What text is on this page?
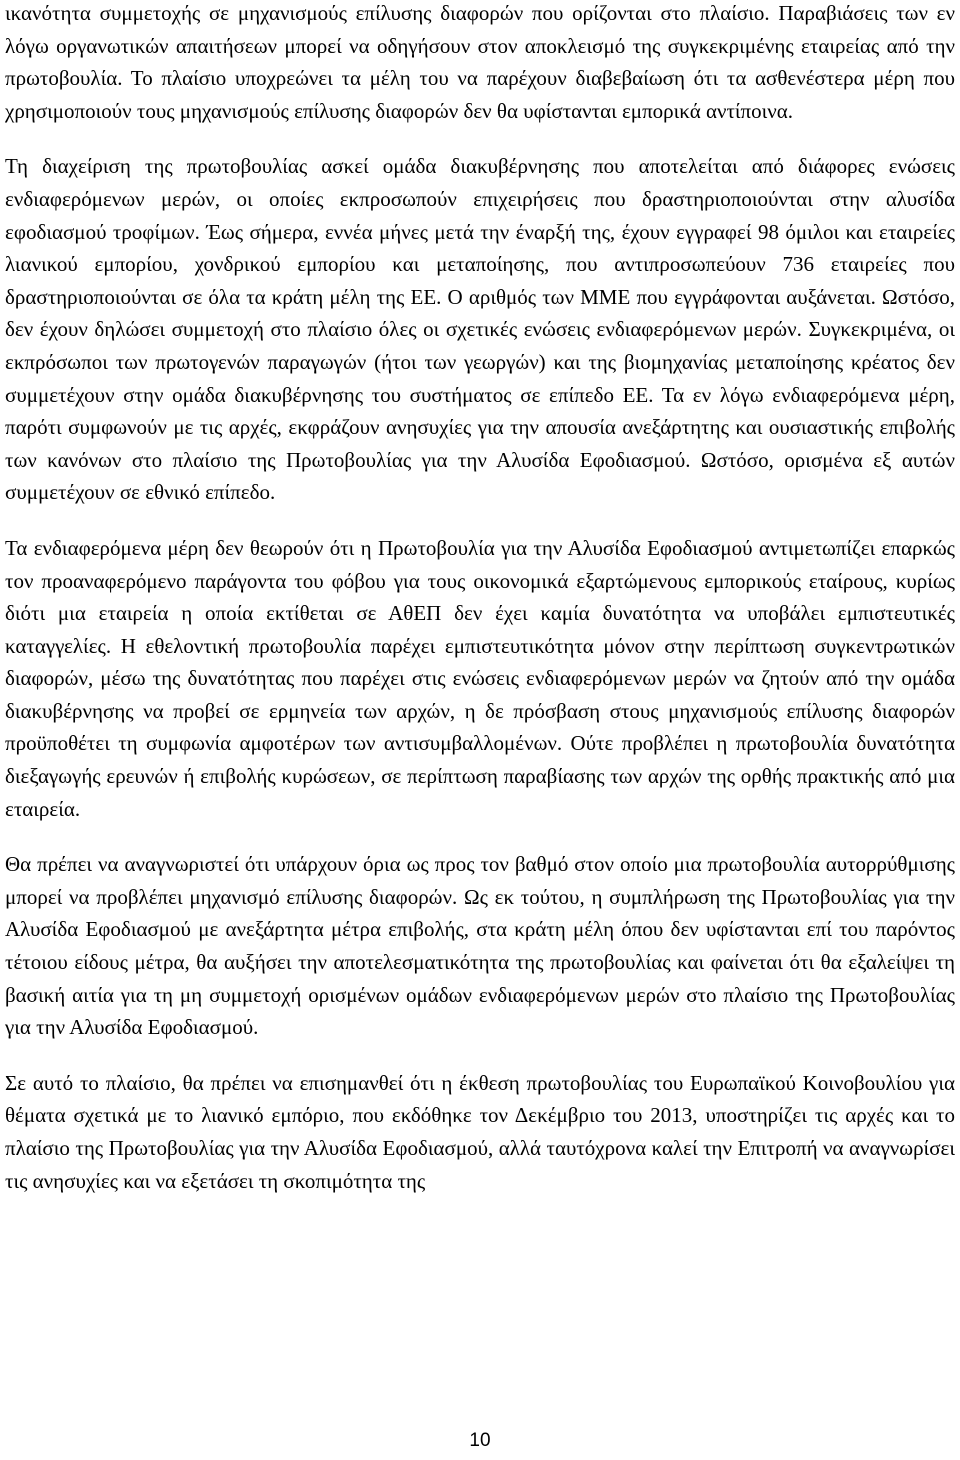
ικανότητα συμμετοχής σε μηχανισμούς επίλυσης διαφορών που ορίζονται στο πλαίσιο. Παραβιάσεις των εν λόγω οργανωτικών απαιτήσεων μπορεί να οδηγήσουν στον αποκλεισμό της συγκεκριμένης εταιρείας από την πρωτοβουλία. Το πλαίσιο υποχρεώνει τα μέλη του να παρέχουν διαβεβαίωση ότι τα ασθενέστερα μέρη που χρησιμοποιούν τους μηχανισμούς επίλυσης διαφορών δεν θα υφίστανται εμπορικά αντίποινα.

Τη διαχείριση της πρωτοβουλίας ασκεί ομάδα διακυβέρνησης που αποτελείται από διάφορες ενώσεις ενδιαφερόμενων μερών, οι οποίες εκπροσωπούν επιχειρήσεις που δραστηριοποιούνται στην αλυσίδα εφοδιασμού τροφίμων. Έως σήμερα, εννέα μήνες μετά την έναρξή της, έχουν εγγραφεί 98 όμιλοι και εταιρείες λιανικού εμπορίου, χονδρικού εμπορίου και μεταποίησης, που αντιπροσωπεύουν 736 εταιρείες που δραστηριοποιούνται σε όλα τα κράτη μέλη της ΕΕ. Ο αριθμός των ΜΜΕ που εγγράφονται αυξάνεται. Ωστόσο, δεν έχουν δηλώσει συμμετοχή στο πλαίσιο όλες οι σχετικές ενώσεις ενδιαφερόμενων μερών. Συγκεκριμένα, οι εκπρόσωποι των πρωτογενών παραγωγών (ήτοι των γεωργών) και της βιομηχανίας μεταποίησης κρέατος δεν συμμετέχουν στην ομάδα διακυβέρνησης του συστήματος σε επίπεδο ΕΕ. Τα εν λόγω ενδιαφερόμενα μέρη, παρότι συμφωνούν με τις αρχές, εκφράζουν ανησυχίες για την απουσία ανεξάρτητης και ουσιαστικής επιβολής των κανόνων στο πλαίσιο της Πρωτοβουλίας για την Αλυσίδα Εφοδιασμού. Ωστόσο, ορισμένα εξ αυτών συμμετέχουν σε εθνικό επίπεδο.

Τα ενδιαφερόμενα μέρη δεν θεωρούν ότι η Πρωτοβουλία για την Αλυσίδα Εφοδιασμού αντιμετωπίζει επαρκώς τον προαναφερόμενο παράγοντα του φόβου για τους οικονομικά εξαρτώμενους εμπορικούς εταίρους, κυρίως διότι μια εταιρεία η οποία εκτίθεται σε ΑθΕΠ δεν έχει καμία δυνατότητα να υποβάλει εμπιστευτικές καταγγελίες. Η εθελοντική πρωτοβουλία παρέχει εμπιστευτικότητα μόνον στην περίπτωση συγκεντρωτικών διαφορών, μέσω της δυνατότητας που παρέχει στις ενώσεις ενδιαφερόμενων μερών να ζητούν από την ομάδα διακυβέρνησης να προβεί σε ερμηνεία των αρχών, η δε πρόσβαση στους μηχανισμούς επίλυσης διαφορών προϋποθέτει τη συμφωνία αμφοτέρων των αντισυμβαλλομένων. Ούτε προβλέπει η πρωτοβουλία δυνατότητα διεξαγωγής ερευνών ή επιβολής κυρώσεων, σε περίπτωση παραβίασης των αρχών της ορθής πρακτικής από μια εταιρεία.

Θα πρέπει να αναγνωριστεί ότι υπάρχουν όρια ως προς τον βαθμό στον οποίο μια πρωτοβουλία αυτορρύθμισης μπορεί να προβλέπει μηχανισμό επίλυσης διαφορών. Ως εκ τούτου, η συμπλήρωση της Πρωτοβουλίας για την Αλυσίδα Εφοδιασμού με ανεξάρτητα μέτρα επιβολής, στα κράτη μέλη όπου δεν υφίστανται επί του παρόντος τέτοιου είδους μέτρα, θα αυξήσει την αποτελεσματικότητα της πρωτοβουλίας και φαίνεται ότι θα εξαλείψει τη βασική αιτία για τη μη συμμετοχή ορισμένων ομάδων ενδιαφερόμενων μερών στο πλαίσιο της Πρωτοβουλίας για την Αλυσίδα Εφοδιασμού.

Σε αυτό το πλαίσιο, θα πρέπει να επισημανθεί ότι η έκθεση πρωτοβουλίας του Ευρωπαϊκού Κοινοβουλίου για θέματα σχετικά με το λιανικό εμπόριο, που εκδόθηκε τον Δεκέμβριο του 2013, υποστηρίζει τις αρχές και το πλαίσιο της Πρωτοβουλίας για την Αλυσίδα Εφοδιασμού, αλλά ταυτόχρονα καλεί την Επιτροπή να αναγνωρίσει τις ανησυχίες και να εξετάσει τη σκοπιμότητα της

10
